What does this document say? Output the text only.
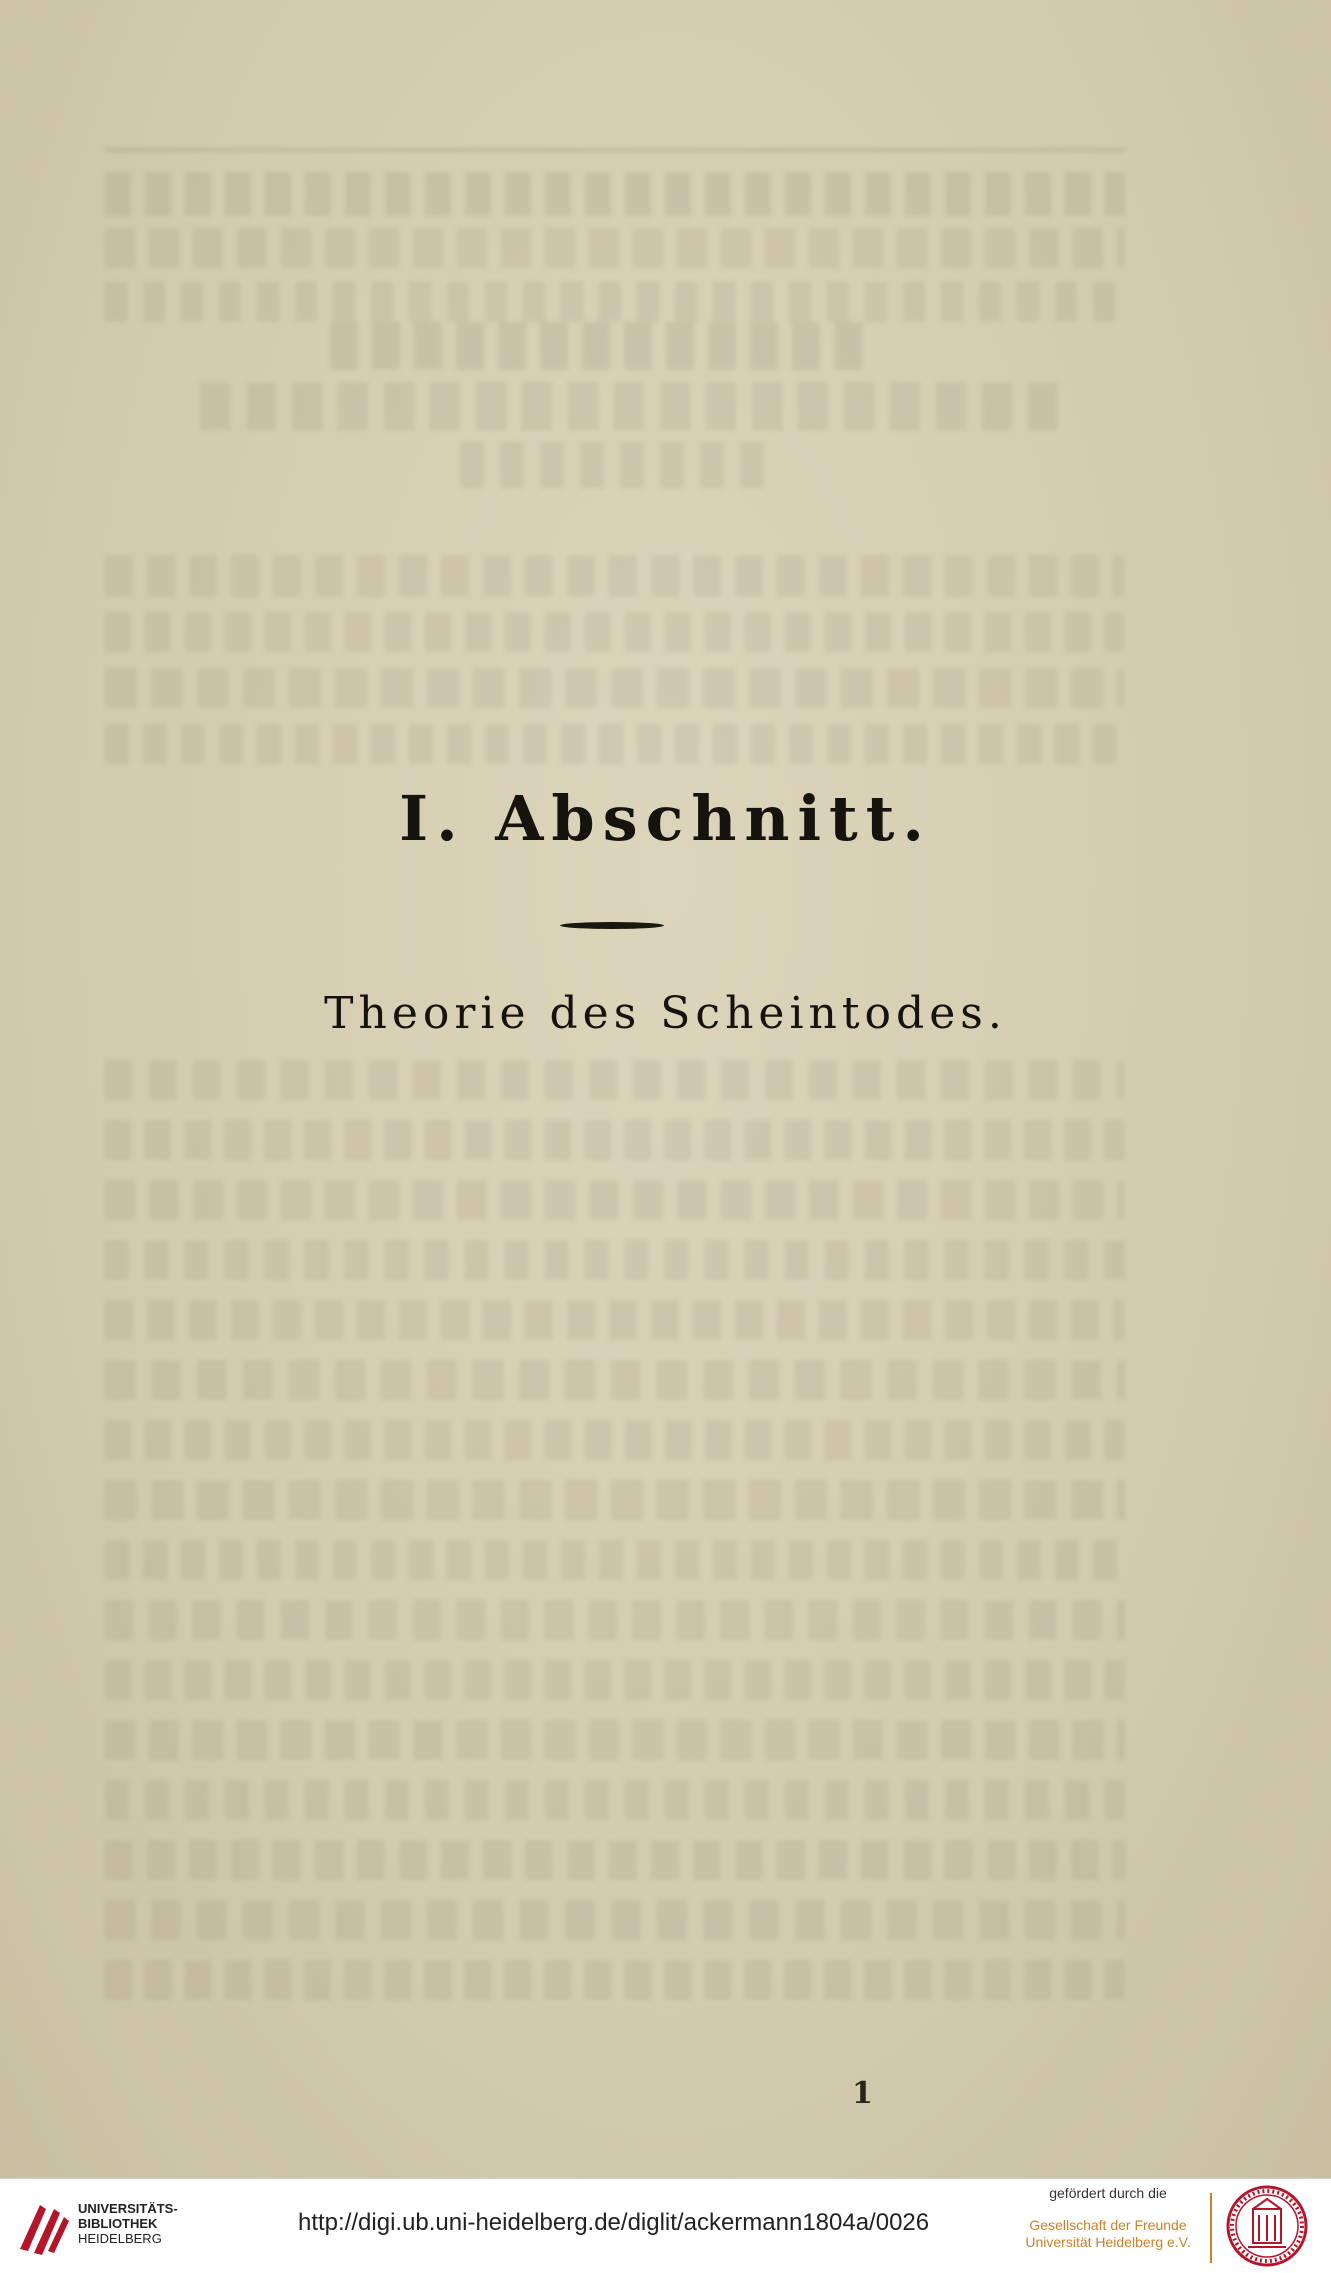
I. Abschnitt.
Theorie des Scheintodes.
1
UNIVERSITÄTS-
BIBLIOTHEK
HEIDELBERG
http://digi.ub.uni-heidelberg.de/diglit/ackermann1804a/0026
gefördert durch die
Gesellschaft der Freunde
Universität Heidelberg e.V.
